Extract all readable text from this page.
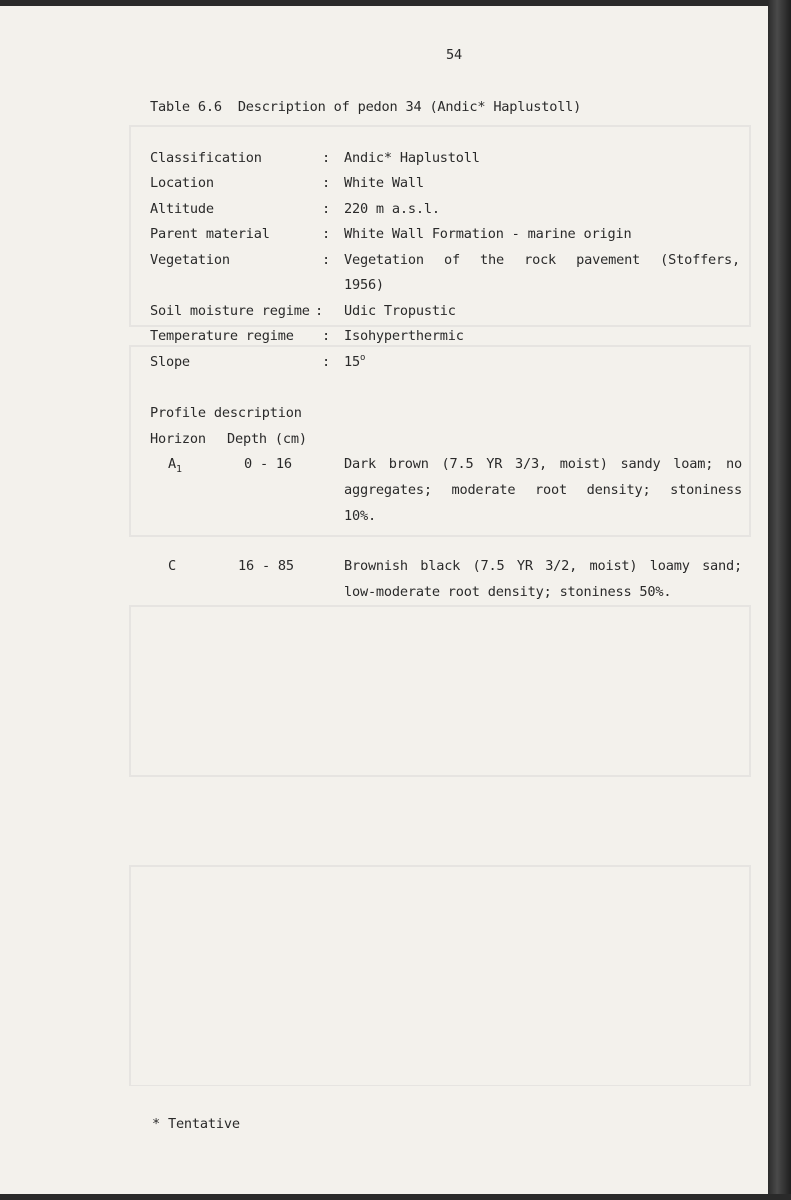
54
Table 6.6  Description of pedon 34 (Andic* Haplustoll)
Classification	: Andic* Haplustoll
Location	: White Wall
Altitude	: 220 m a.s.l.
Parent material	: White Wall Formation - marine origin
Vegetation	: Vegetation of the rock pavement (Stoffers,
1956)
Soil moisture regime : Udic Tropustic
Temperature regime : Isohyperthermic
Slope	: 15$^o$
Profile description
Horizon Depth (cm)
$A_1$	0 - 16	Dark brown (7.5 YR 3/3, moist) sandy loam; no
aggregates; moderate root density; stoniness
10%.
C	16 - 85	Brownish black (7.5 YR 3/2, moist) loamy sand;
low-moderate root density; stoniness 50%.
* Tentative
